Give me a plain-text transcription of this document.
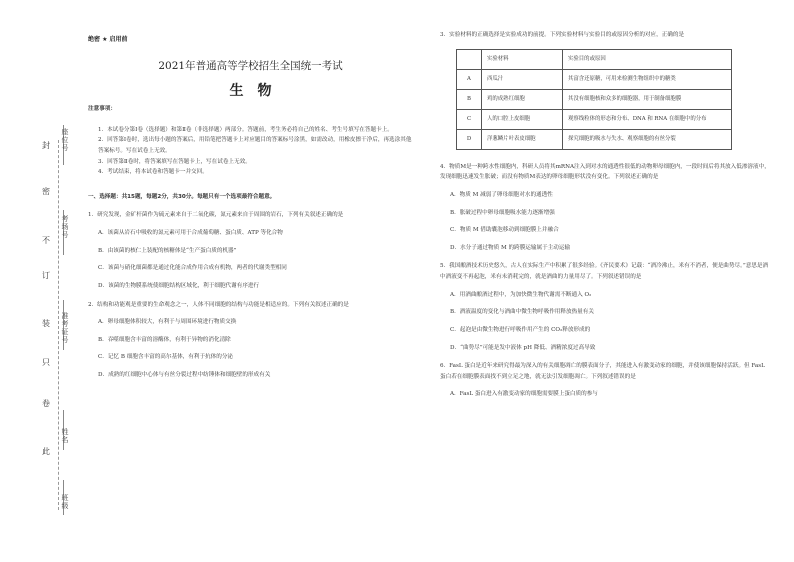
封
不
密
订
装
只
卷
此
座位号
考场号
准考证号
姓名
班级
绝密 ★ 启用前
2021年普通高等学校招生全国统一考试
生　物

注意事项：

1．本试卷分第Ⅰ卷（选择题）和第Ⅱ卷（非选择题）两部分。答题前，考生务必将自己的姓名、考生号填写在答题卡上。

2．回答第Ⅰ卷时，选出每小题的答案后，用铅笔把答题卡上对应题目的答案标号涂黑，如需改动，用橡皮擦干净后，再选涂其他答案标号。写在试卷上无效。

3．回答第Ⅱ卷时，将答案填写在答题卡上，写在试卷上无效。

4．考试结束，将本试卷和答题卡一并交回。

一、选择题：共15题，每题2分，共30分。每题只有一个选项最符合题意。

1．研究发现，金矿杆菌作为硫元素来自于二氧化碳，氮元素来自于周围的岩石，下列有关叙述正确的是

A．该菌从岩石中吸收的氮元素可用于合成葡萄糖、蛋白质、ATP 等化合物

B．由该菌的核仁上装配的核糖体是“生产蛋白质的机器”

C．该菌与硝化细菌都是通过化能合成作用合成有机物，两者的代谢类型相同

D．该菌的生物膜系统使细胞结构区域化，利于细胞代谢有序进行

2．结构和功能观是重要的生命观念之一，人体不同细胞的结构与功能是相适应的。下列有关叙述正确的是

A．卵母细胞体积较大，有利于与周围环境进行物质交换

B．吞噬细胞含丰富的溶酶体，有利于异物的消化清除

C．记忆 B 细胞含丰富的高尔基体，有利于抗体的分泌

D．成熟的红细胞中心体与有丝分裂过程中纺锤体和细胞壁的形成有关

3．实验材料的正确选择是实验成功的前提。下列实验材料与实验目的或原因分析的对应，正确的是

	实验材料	实验目的或原因
A	西瓜汁	其富含还原糖，可用来检测生物组织中的糖类
B	鸡的成熟红细胞	其没有细胞核和众多的细胞器，用于制备细胞膜
C	人的口腔上皮细胞	观察线粒体的形态和分布、DNA 和 RNA 在细胞中的分布
D	洋葱鳞片叶表皮细胞	探究细胞的吸水与失水、观察细胞的有丝分裂

4．物质M是一种跨水性细胞内，科研人员将其mRNA注入到对水的通透性很低的动物卵母细胞内，一段时间后将其放入低渗溶液中，发现细胞迅速发生胀破；而没有物质M表达的卵母细胞形状没有变化。下列叙述正确的是

A．物质 M 减弱了卵母细胞对水的通透性

B．胀破过程中卵母细胞吸水能力逐渐增强

C．物质 M 借助囊泡移动到细胞膜上并融合

D．水分子通过物质 M 的跨膜运输属于主动运输

5．我国酿酒技术历史悠久，古人在实际生产中积累了很多经验。《齐民要术》记载：“酒冷沸止，米有不消者，便是曲势尽。”意思是酒中酒液变不再起泡，米有未消耗完的，就是酒曲的力量用尽了。下列叙述错误的是

A．用酒曲酿酒过程中，为加快微生物代谢需不断通入 O₂

B．酒液温度的变化与酒曲中微生物呼吸作用释放热量有关

C．起泡是由微生物进行呼吸作用产生的 CO₂释放形成的

D．“曲势尽”可能是发中液体 pH 降低、酒精浓度过高导致

6．FasL 蛋白是近年来研究得最为深入的有关细胞凋亡的膜表面分子，其能进入有激变动家的细胞，并使该细胞保持活跃。但 FasL 蛋白若在细胞膜表面找不到立足之地，就无法引发细胞凋亡。下列叙述错误的是

A．FasL 蛋白进入有激变动家的细胞需要膜上蛋白质的参与
